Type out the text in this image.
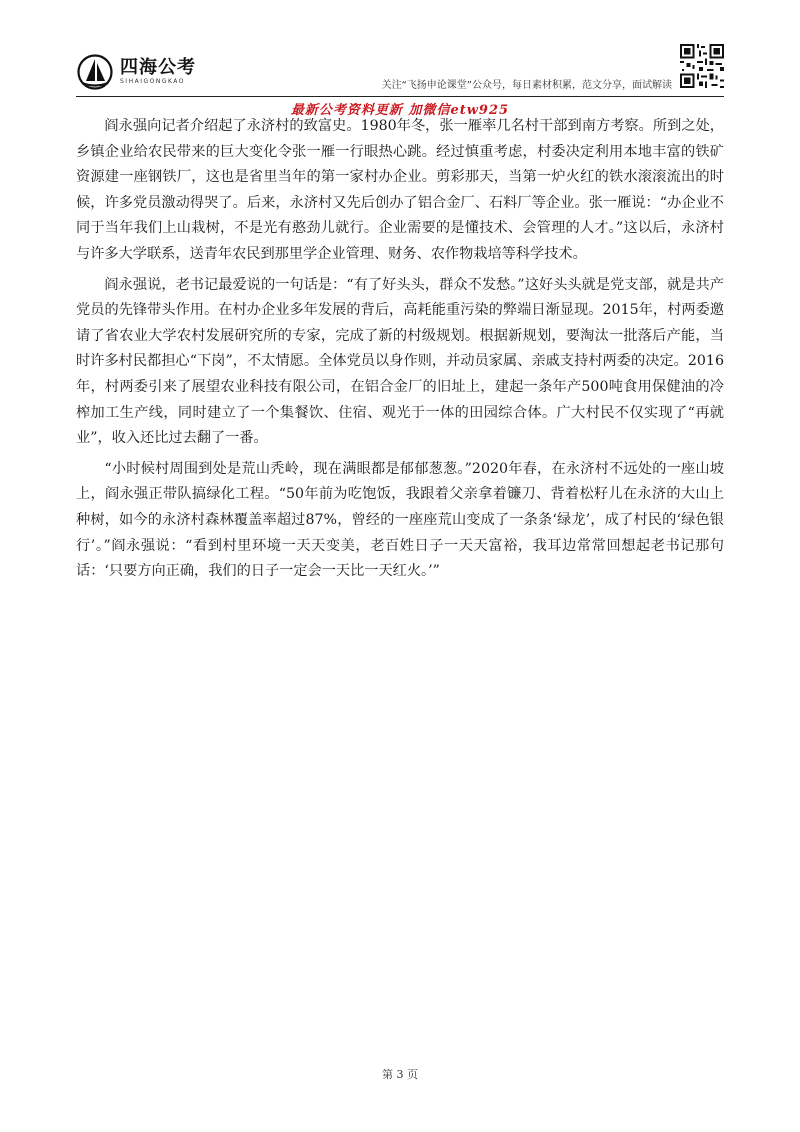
四海公考
SIHAIGONGKAO	关注“飞扬申论课堂”公众号，每日素材积累，范文分享，面试解读
最新公考资料更新 加微信etw925

阎永强向记者介绍起了永济村的致富史。1980年冬，张一雁率几名村干部到南方考察。所到之处，乡镇企业给农民带来的巨大变化令张一雁一行眼热心跳。经过慎重考虑，村委决定利用本地丰富的铁矿资源建一座钢铁厂，这也是省里当年的第一家村办企业。剪彩那天，当第一炉火红的铁水滚滚流出的时候，许多党员激动得哭了。后来，永济村又先后创办了铝合金厂、石料厂等企业。张一雁说：“办企业不同于当年我们上山栽树，不是光有憨劲儿就行。企业需要的是懂技术、会管理的人才。”这以后，永济村与许多大学联系，送青年农民到那里学企业管理、财务、农作物栽培等科学技术。

阎永强说，老书记最爱说的一句话是：“有了好头头，群众不发愁。”这好头头就是党支部，就是共产党员的先锋带头作用。在村办企业多年发展的背后，高耗能重污染的弊端日渐显现。2015年，村两委邀请了省农业大学农村发展研究所的专家，完成了新的村级规划。根据新规划，要淘汰一批落后产能，当时许多村民都担心“下岗”，不太情愿。全体党员以身作则，并动员家属、亲戚支持村两委的决定。2016年，村两委引来了展望农业科技有限公司，在铝合金厂的旧址上，建起一条年产500吨食用保健油的冷榨加工生产线，同时建立了一个集餐饮、住宿、观光于一体的田园综合体。广大村民不仅实现了“再就业”，收入还比过去翻了一番。

“小时候村周围到处是荒山秃岭，现在满眼都是郁郁葱葱。”2020年春，在永济村不远处的一座山坡上，阎永强正带队搞绿化工程。“50年前为吃饱饭，我跟着父亲拿着镰刀、背着松籽儿在永济的大山上种树，如今的永济村森林覆盖率超过87%，曾经的一座座荒山变成了一条条‘绿龙’，成了村民的‘绿色银行’。”阎永强说：“看到村里环境一天天变美，老百姓日子一天天富裕，我耳边常常回想起老书记那句话：‘只要方向正确，我们的日子一定会一天比一天红火。’”

第 3 页
